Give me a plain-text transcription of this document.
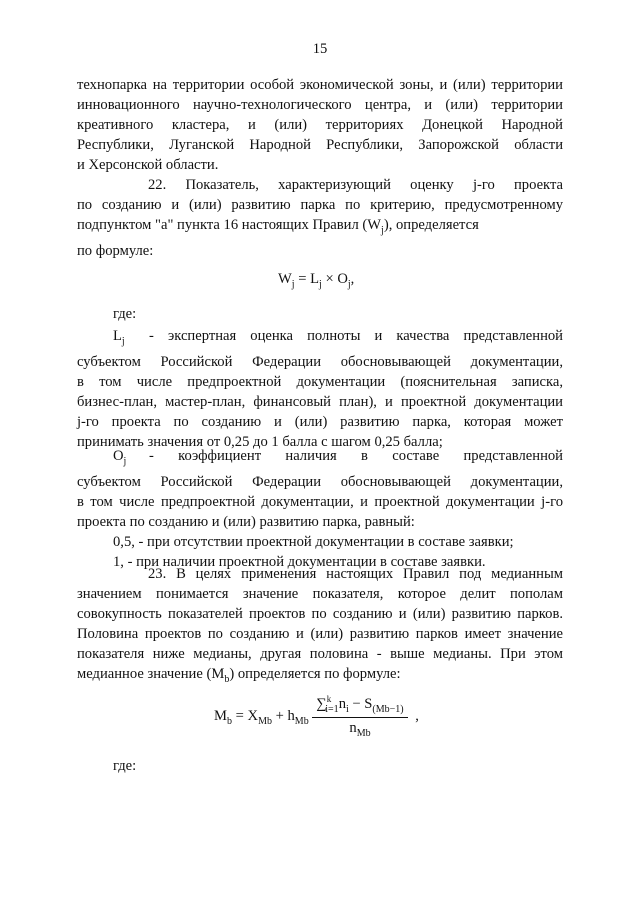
15
технопарка на территории особой экономической зоны, и (или) территории
инновационного научно-технологического центра, и (или) территории
креативного кластера, и (или) территориях Донецкой Народной
Республики, Луганской Народной Республики, Запорожской области
и Херсонской области.
22. Показатель, характеризующий оценку j-го проекта
по созданию и (или) развитию парка по критерию, предусмотренному
подпунктом "а" пункта 16 настоящих Правил $(W_j)$, определяется
по формуле:
$W_j = L_j \times O_j$,
где:
$L_j$ - экспертная оценка полноты и качества представленной
субъектом Российской Федерации обосновывающей документации,
в том числе предпроектной документации (пояснительная записка,
бизнес-план, мастер-план, финансовый план), и проектной документации
j-го проекта по созданию и (или) развитию парка, которая может
принимать значения от 0,25 до 1 балла с шагом 0,25 балла;
$O_j$ - коэффициент наличия в составе представленной
субъектом Российской Федерации обосновывающей документации,
в том числе предпроектной документации, и проектной документации j-го
проекта по созданию и (или) развитию парка, равный:
0,5, - при отсутствии проектной документации в составе заявки;
1, - при наличии проектной документации в составе заявки.
23. В целях применения настоящих Правил под медианным
значением понимается значение показателя, которое делит пополам
совокупность показателей проектов по созданию и (или) развитию парков.
Половина проектов по созданию и (или) развитию парков имеет значение
показателя ниже медианы, другая половина - выше медианы. При этом
медианное значение $(M_b)$ определяется по формуле:
$M_b = X_{Mb} + h_{Mb} \frac{\sum^k_{i=1}n_i - S_{(Mb-1)}}{n_{Mb}}$ ,
где:
